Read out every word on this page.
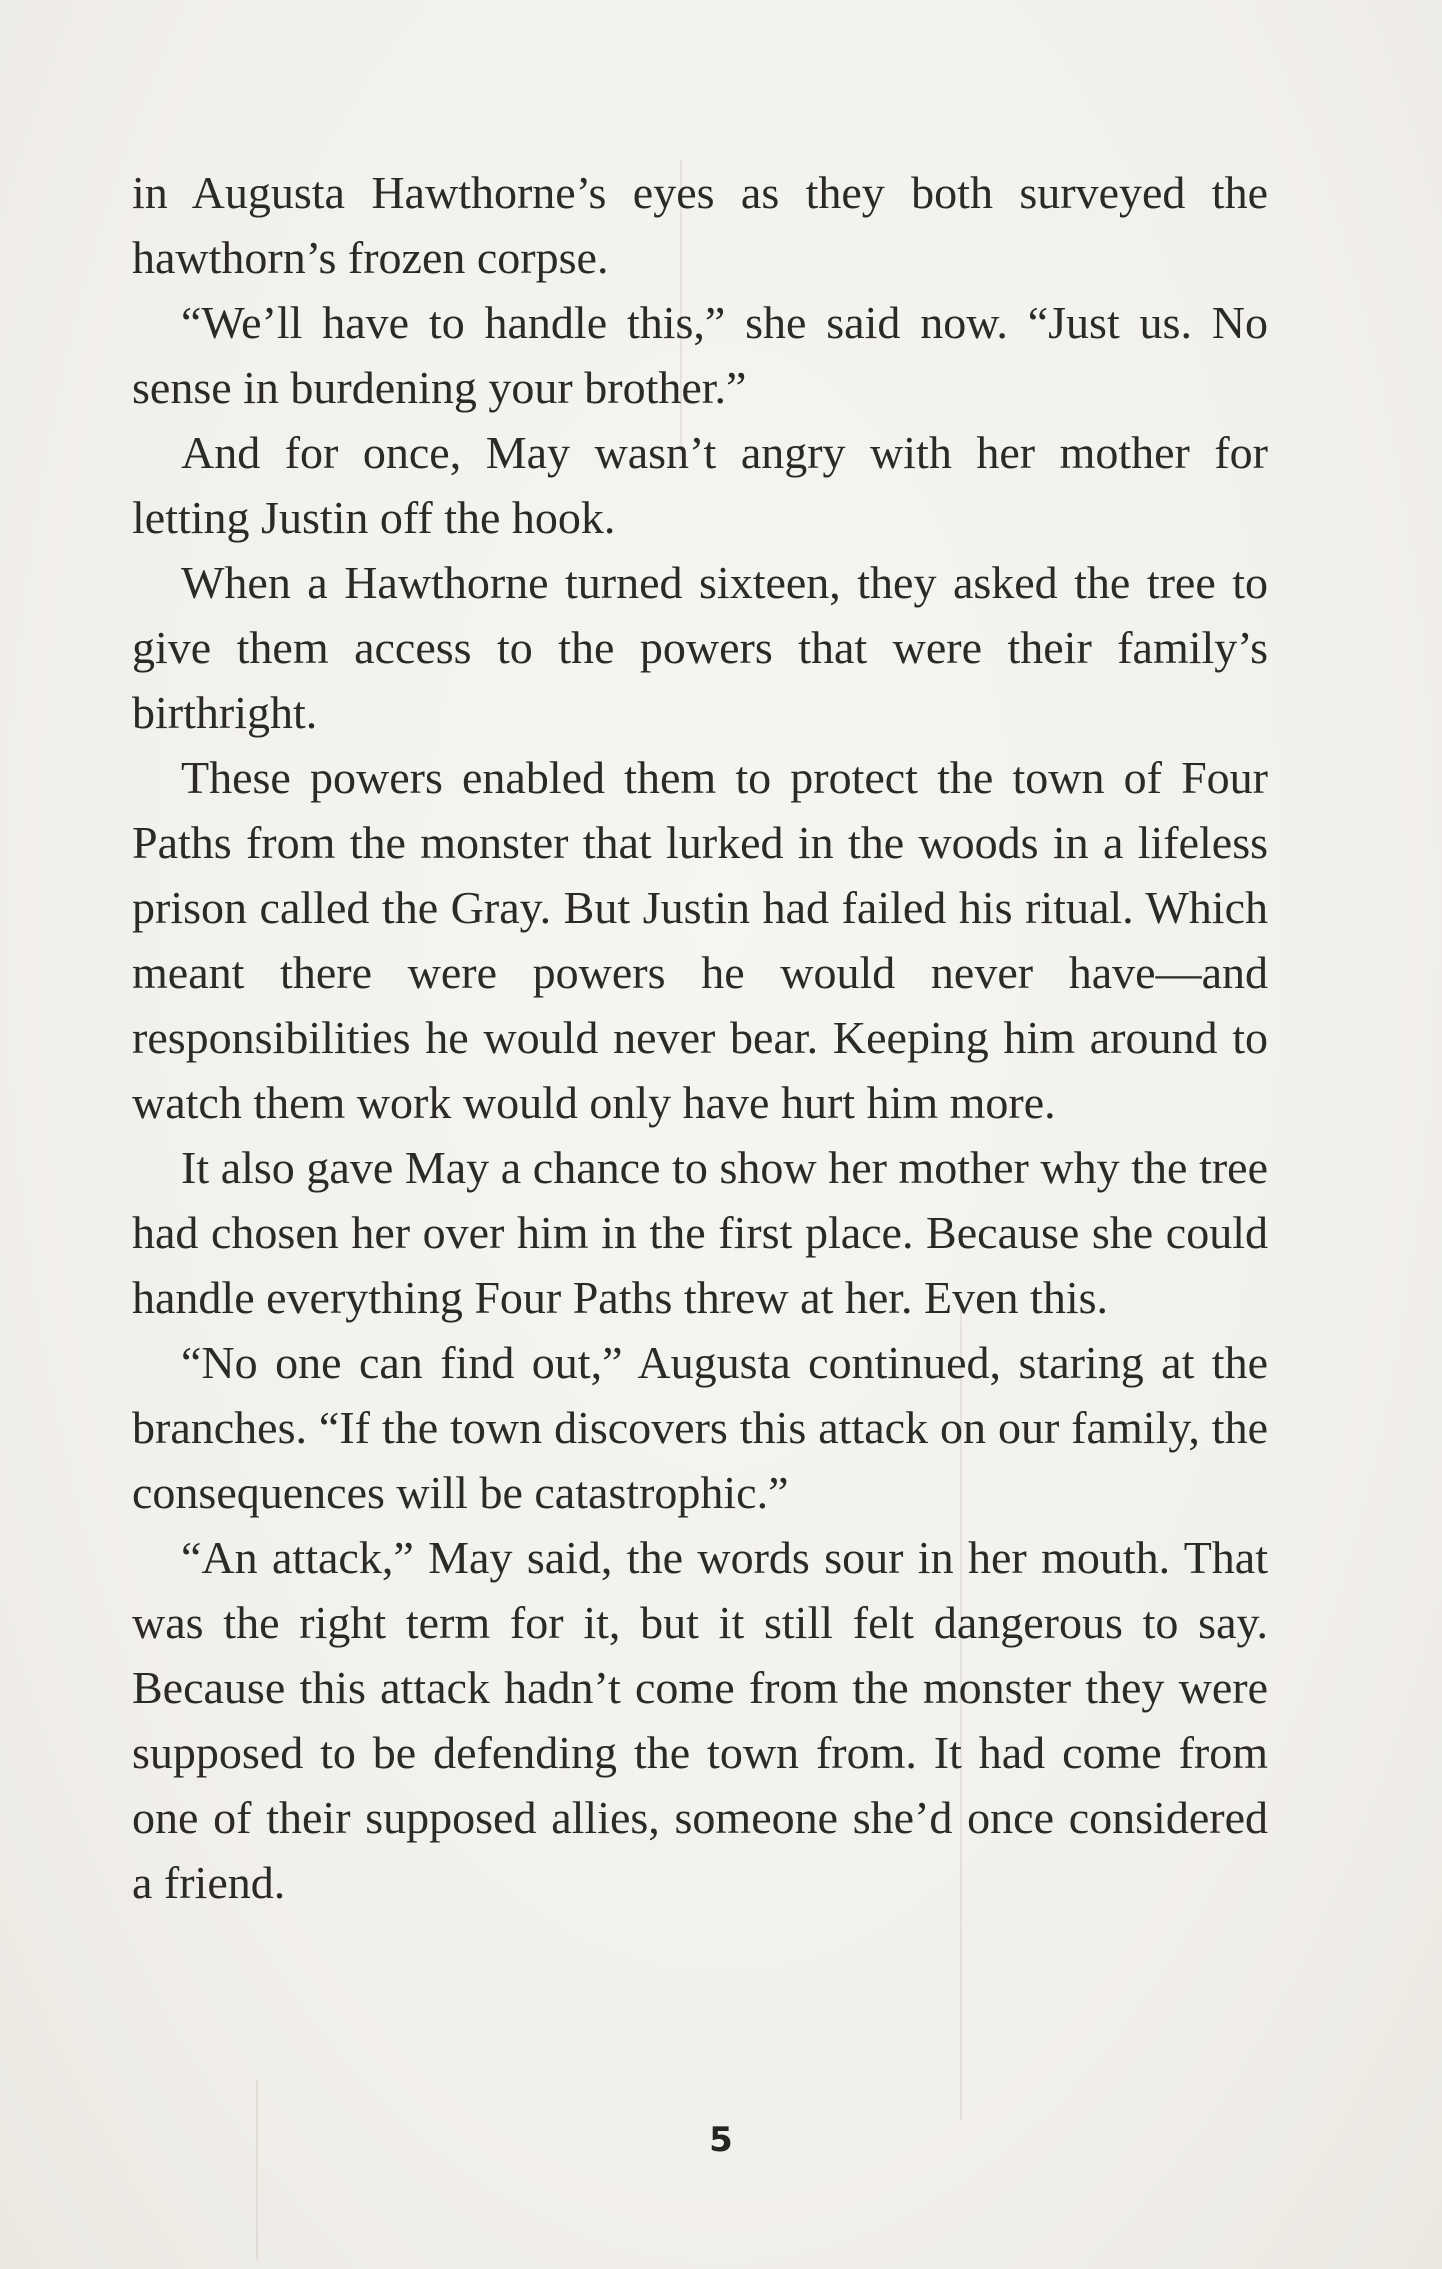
in Augusta Hawthorne’s eyes as they both surveyed the hawthorn’s frozen corpse.

“We’ll have to handle this,” she said now. “Just us. No sense in burdening your brother.”

And for once, May wasn’t angry with her mother for letting Justin off the hook.

When a Hawthorne turned sixteen, they asked the tree to give them access to the powers that were their family’s birthright.

These powers enabled them to protect the town of Four Paths from the monster that lurked in the woods in a lifeless prison called the Gray. But Justin had failed his ritual. Which meant there were powers he would never have—and responsibilities he would never bear. Keeping him around to watch them work would only have hurt him more.

It also gave May a chance to show her mother why the tree had chosen her over him in the first place. Because she could handle everything Four Paths threw at her. Even this.

“No one can find out,” Augusta continued, staring at the branches. “If the town discovers this attack on our family, the consequences will be catastrophic.”

“An attack,” May said, the words sour in her mouth. That was the right term for it, but it still felt dangerous to say. Because this attack hadn’t come from the monster they were supposed to be defending the town from. It had come from one of their supposed allies, someone she’d once considered a friend.

5
